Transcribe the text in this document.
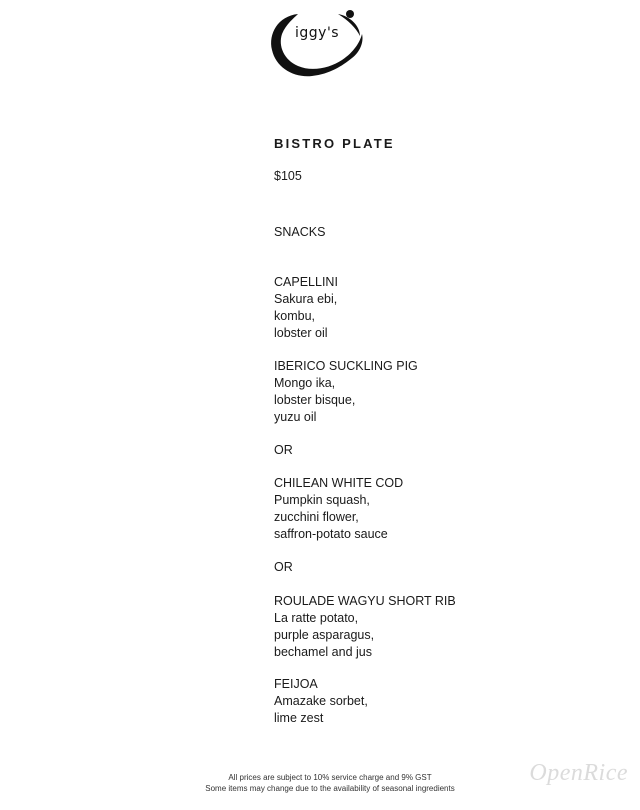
iggy's
BISTRO PLATE
$105
SNACKS
CAPELLINI
Sakura ebi,
kombu,
lobster oil
IBERICO SUCKLING PIG
Mongo ika,
lobster bisque,
yuzu oil
OR
CHILEAN WHITE COD
Pumpkin squash,
zucchini flower,
saffron-potato sauce
OR
ROULADE WAGYU SHORT RIB
La ratte potato,
purple asparagus,
bechamel and jus
FEIJOA
Amazake sorbet,
lime zest
All prices are subject to 10% service charge and 9% GST
Some items may change due to the availability of seasonal ingredients
OpenRice
